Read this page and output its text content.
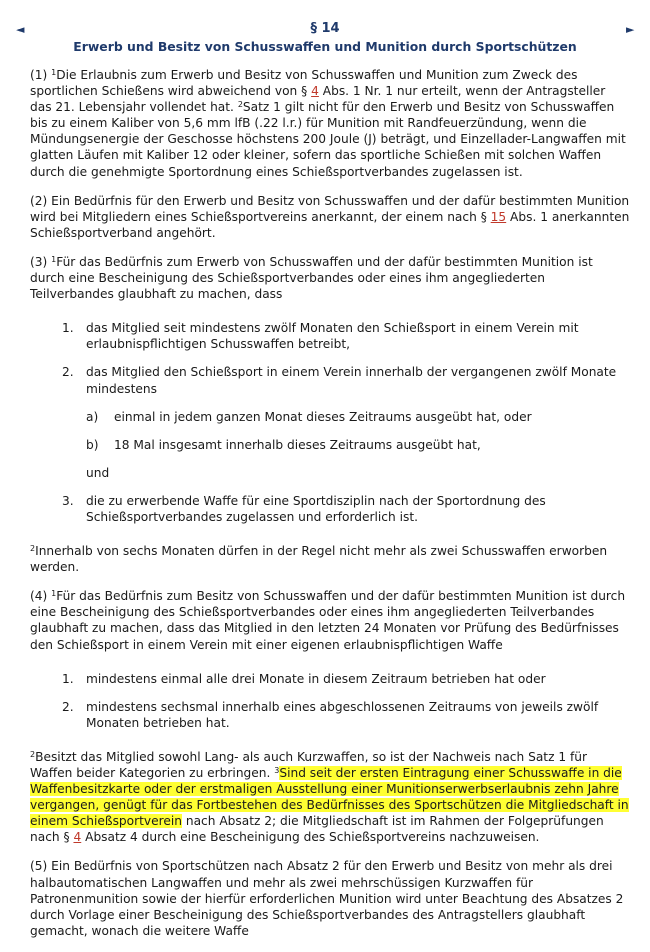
◄	►
§ 14
Erwerb und Besitz von Schusswaffen und Munition durch Sportschützen

(1) $^1$Die Erlaubnis zum Erwerb und Besitz von Schusswaffen und Munition zum Zweck des sportlichen Schießens wird abweichend von § 4 Abs. 1 Nr. 1 nur erteilt, wenn der Antragsteller das 21. Lebensjahr vollendet hat. $^2$Satz 1 gilt nicht für den Erwerb und Besitz von Schusswaffen bis zu einem Kaliber von 5,6 mm lfB (.22 l.r.) für Munition mit Randfeuerzündung, wenn die Mündungsenergie der Geschosse höchstens 200 Joule (J) beträgt, und Einzellader-Langwaffen mit glatten Läufen mit Kaliber 12 oder kleiner, sofern das sportliche Schießen mit solchen Waffen durch die genehmigte Sportordnung eines Schießsportverbandes zugelassen ist.

(2) Ein Bedürfnis für den Erwerb und Besitz von Schusswaffen und der dafür bestimmten Munition wird bei Mitgliedern eines Schießsportvereins anerkannt, der einem nach § 15 Abs. 1 anerkannten Schießsportverband angehört.

(3) $^1$Für das Bedürfnis zum Erwerb von Schusswaffen und der dafür bestimmten Munition ist durch eine Bescheinigung des Schießsportverbandes oder eines ihm angegliederten Teilverbandes glaubhaft zu machen, dass

1. das Mitglied seit mindestens zwölf Monaten den Schießsport in einem Verein mit erlaubnispflichtigen Schusswaffen betreibt,
2. das Mitglied den Schießsport in einem Verein innerhalb der vergangenen zwölf Monate mindestens
a) einmal in jedem ganzen Monat dieses Zeitraums ausgeübt hat, oder
b) 18 Mal insgesamt innerhalb dieses Zeitraums ausgeübt hat,
und
3. die zu erwerbende Waffe für eine Sportdisziplin nach der Sportordnung des Schießsportverbandes zugelassen und erforderlich ist.

$^2$Innerhalb von sechs Monaten dürfen in der Regel nicht mehr als zwei Schusswaffen erworben werden.

(4) $^1$Für das Bedürfnis zum Besitz von Schusswaffen und der dafür bestimmten Munition ist durch eine Bescheinigung des Schießsportverbandes oder eines ihm angegliederten Teilverbandes glaubhaft zu machen, dass das Mitglied in den letzten 24 Monaten vor Prüfung des Bedürfnisses den Schießsport in einem Verein mit einer eigenen erlaubnispflichtigen Waffe

1. mindestens einmal alle drei Monate in diesem Zeitraum betrieben hat oder
2. mindestens sechsmal innerhalb eines abgeschlossenen Zeitraums von jeweils zwölf Monaten betrieben hat.

$^2$Besitzt das Mitglied sowohl Lang- als auch Kurzwaffen, so ist der Nachweis nach Satz 1 für Waffen beider Kategorien zu erbringen. $^3$Sind seit der ersten Eintragung einer Schusswaffe in die Waffenbesitzkarte oder der erstmaligen Ausstellung einer Munitionserwerbserlaubnis zehn Jahre vergangen, genügt für das Fortbestehen des Bedürfnisses des Sportschützen die Mitgliedschaft in einem Schießsportverein nach Absatz 2; die Mitgliedschaft ist im Rahmen der Folgeprüfungen nach § 4 Absatz 4 durch eine Bescheinigung des Schießsportvereins nachzuweisen.

(5) Ein Bedürfnis von Sportschützen nach Absatz 2 für den Erwerb und Besitz von mehr als drei halbautomatischen Langwaffen und mehr als zwei mehrschüssigen Kurzwaffen für Patronenmunition sowie der hierfür erforderlichen Munition wird unter Beachtung des Absatzes 2 durch Vorlage einer Bescheinigung des Schießsportverbandes des Antragstellers glaubhaft gemacht, wonach die weitere Waffe
